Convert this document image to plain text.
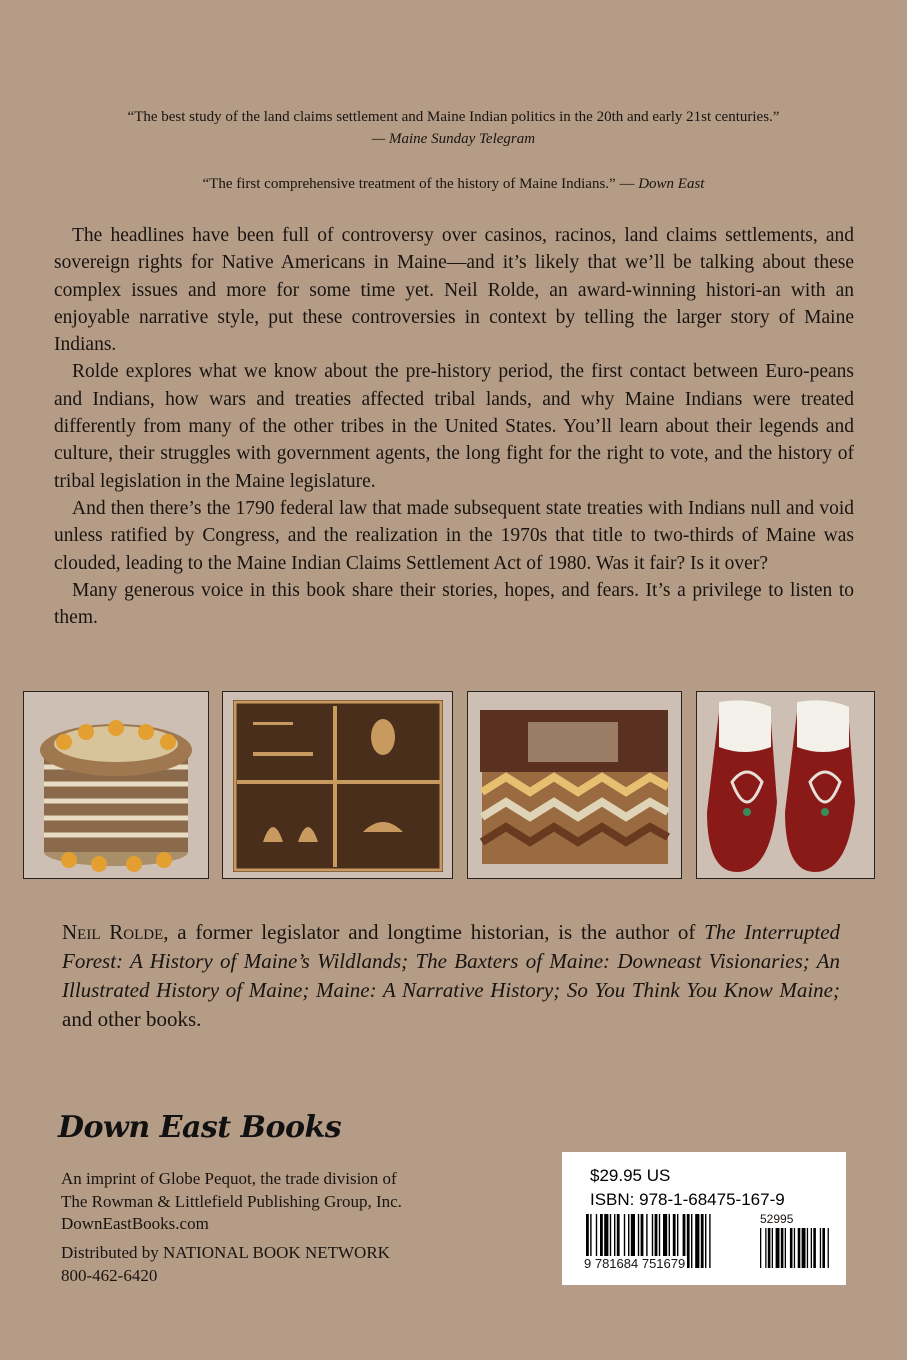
“The best study of the land claims settlement and Maine Indian politics in the 20th and early 21st centuries.”
— Maine Sunday Telegram
“The first comprehensive treatment of the history of Maine Indians.” — Down East

The headlines have been full of controversy over casinos, racinos, land claims settlements, and sovereign rights for Native Americans in Maine—and it’s likely that we’ll be talking about these complex issues and more for some time yet. Neil Rolde, an award-winning histori-an with an enjoyable narrative style, put these controversies in context by telling the larger story of Maine Indians.

Rolde explores what we know about the pre-history period, the first contact between Euro-peans and Indians, how wars and treaties affected tribal lands, and why Maine Indians were treated differently from many of the other tribes in the United States. You’ll learn about their legends and culture, their struggles with government agents, the long fight for the right to vote, and the history of tribal legislation in the Maine legislature.

And then there’s the 1790 federal law that made subsequent state treaties with Indians null and void unless ratified by Congress, and the realization in the 1970s that title to two-thirds of Maine was clouded, leading to the Maine Indian Claims Settlement Act of 1980. Was it fair? Is it over?

Many generous voice in this book share their stories, hopes, and fears. It’s a privilege to listen to them.

Neil Rolde, a former legislator and longtime historian, is the author of The Interrupted Forest: A History of Maine’s Wildlands; The Baxters of Maine: Downeast Visionaries; An Illustrated History of Maine; Maine: A Narrative History; So You Think You Know Maine; and other books.
Down East Books
An imprint of Globe Pequot, the trade division of
The Rowman & Littlefield Publishing Group, Inc.
DownEastBooks.com
Distributed by NATIONAL BOOK NETWORK
800-462-6420
$29.95 US
ISBN: 978-1-68475-167-9
52995
9 781684 751679
